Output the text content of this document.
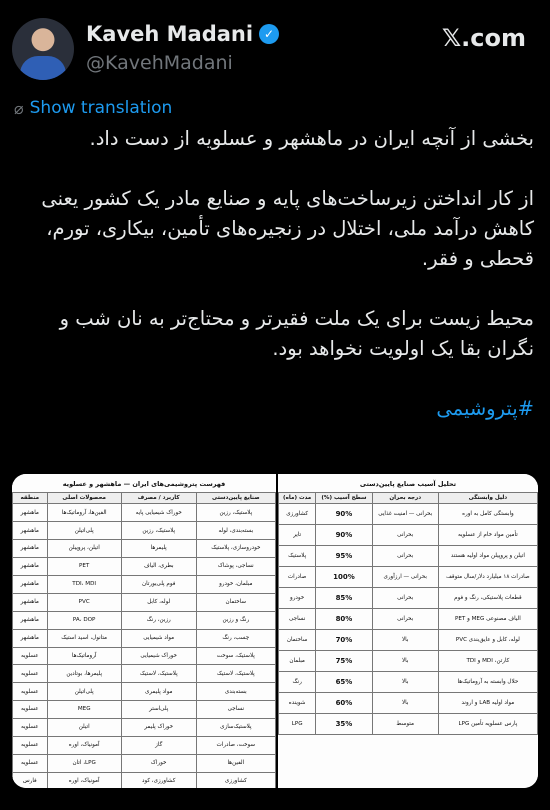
Kaveh Madani ✓
@KavehMadani
𝕏.com
⌀ Show translation

بخشی از آنچه ایران در ماهشهر و عسلویه از دست داد.

از کار انداختن زیرساخت‌های پایه و صنایع مادر یک کشور یعنی کاهش درآمد ملی، اختلال در زنجیره‌های تأمین، بیکاری، تورم، قحطی و فقر.

محیط زیست برای یک ملت فقیرتر و محتاج‌تر به نان شب و نگران بقا یک اولویت نخواهد بود.

#پتروشیمی

فهرست پتروشیمی‌های ایران — ماهشهر و عسلویه
صنایع پایین‌دستی	کاربرد / مصرف	محصولات اصلی	منطقه
پلاستیک، رزین	خوراک شیمیایی پایه	الفین‌ها، آروماتیک‌ها	ماهشهر
بسته‌بندی، لوله	پلاستیک، رزین	پلی‌اتیلن	ماهشهر
خودروسازی، پلاستیک	پلیمرها	اتیلن، پروپیلن	ماهشهر
نساجی، پوشاک	بطری، الیاف	PET	ماهشهر
مبلمان، خودرو	فوم پلی‌یورتان	TDI، MDI	ماهشهر
ساختمان	لوله، کابل	PVC	ماهشهر
رنگ و رزین	رزین، رنگ	PA، DOP	ماهشهر
چسب، رنگ	مواد شیمیایی	متانول، اسید استیک	ماهشهر
پلاستیک، سوخت	خوراک شیمیایی	آروماتیک‌ها	عسلویه
پلاستیک، لاستیک	پلاستیک، لاستیک	پلیمرها، بوتادین	عسلویه
بسته‌بندی	مواد پلیمری	پلی‌اتیلن	عسلویه
نساجی	پلی‌استر	MEG	عسلویه
پلاستیک‌سازی	خوراک پلیمر	اتیلن	عسلویه
سوخت، صادرات	گاز	آمونیاک، اوره	عسلویه
الفین‌ها	خوراک	LPG، اتان	عسلویه
کشاورزی	کشاورزی، کود	آمونیاک، اوره	فارس
تحلیل آسیب صنایع پایین‌دستی
دلیل وابستگی	درجه بحران	سطح آسیب (%)	مدت (ماه)
وابستگی کامل به اوره	بحرانی — امنیت غذایی	90%	کشاورزی
تأمین مواد خام از عسلویه	بحرانی	90%	تایر
اتیلن و پروپیلن مواد اولیه هستند	بحرانی	95%	پلاستیک
صادرات ۱۸ میلیارد دلار/سال متوقف	بحرانی — ارزآوری	100%	صادرات
قطعات پلاستیکی، رنگ و فوم	بحرانی	85%	خودرو
الیاف مصنوعی MEG و PET	بحرانی	80%	نساجی
لوله، کابل و عایق‌بندی PVC	بالا	70%	ساختمان
کارتن، MDI و TDI	بالا	75%	مبلمان
حلال وابسته به آروماتیک‌ها	بالا	65%	رنگ
مواد اولیه LAB و اروند	بالا	60%	شوینده
پارس عسلویه تأمین LPG	متوسط	35%	LPG
